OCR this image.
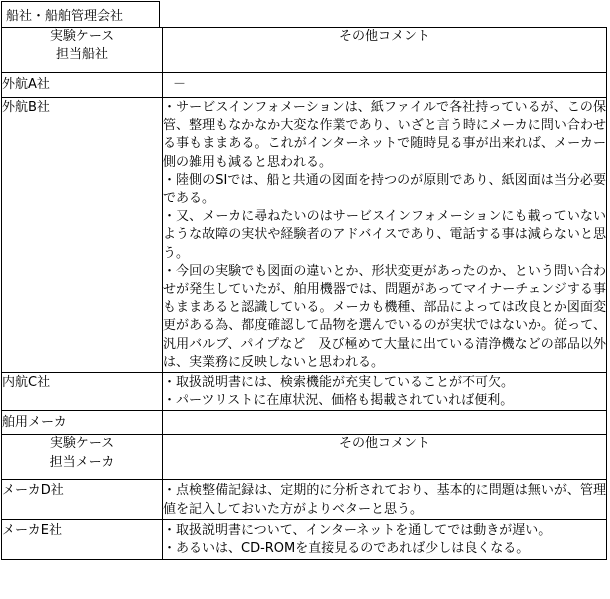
船社・船舶管理会社
実験ケース
担当船社	その他コメント
外航A社	－

外航B社	・サービスインフォメーションは、紙ファイルで各社持っているが、この保管、整理もなかなか大変な作業であり、いざと言う時にメーカに問い合わせる事もままある。これがインターネットで随時見る事が出来れば、メーカー側の雑用も減ると思われる。
・陸側のSIでは、船と共通の図面を持つのが原則であり、紙図面は当分必要である。
・又、メーカに尋ねたいのはサービスインフォメーションにも載っていないような故障の実状や経験者のアドバイスであり、電話する事は減らないと思う。
・今回の実験でも図面の違いとか、形状変更があったのか、という問い合わせが発生していたが、舶用機器では、問題があってマイナーチェンジする事もままあると認識している。メーカも機種、部品によっては改良とか図面変更がある為、都度確認して品物を選んでいるのが実状ではないか。従って、汎用バルブ、パイプなど　及び極めて大量に出ている清浄機などの部品以外は、実業務に反映しないと思われる。

内航C社	・取扱説明書には、検索機能が充実していることが不可欠。
・パーツリストに在庫状況、価格も掲載されていれば便利。

舶用メーカ	

実験ケース
担当メーカ	その他コメント
メーカD社	・点検整備記録は、定期的に分析されており、基本的に問題は無いが、管理値を記入しておいた方がよりベターと思う。

メーカE社	・取扱説明書について、インターネットを通してでは動きが遅い。
・あるいは、CD-ROMを直接見るのであれば少しは良くなる。
